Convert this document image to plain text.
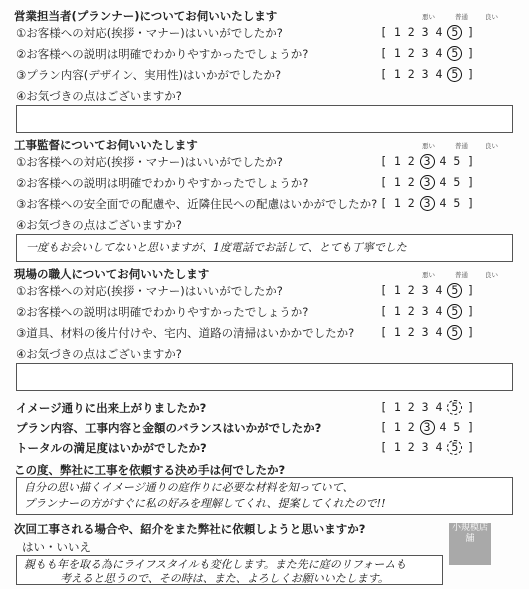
営業担当者(プランナー)についてお伺いいたします	悪い	普通	良い
①お客様への対応(挨拶・マナー)はいいがでしたか?	[ 1 2 3 4 5 ]
②お客様への説明は明確でわかりやすかったでしょうか?	[ 1 2 3 4 5 ]
③プラン内容(デザイン、実用性)はいかがでしたか?	[ 1 2 3 4 5 ]
④お気づきの点はございますか?
工事監督についてお伺いいたします	悪い	普通	良い
①お客様への対応(挨拶・マナー)はいいがでしたか?	[ 1 2 3 4 5 ]
②お客様への説明は明確でわかりやすかったでしょうか?	[ 1 2 3 4 5 ]
③お客様への安全面での配慮や、近隣住民への配慮はいかがでしたか? [ 1 2 3 4 5 ]
④お気づきの点はございますか?
一度もお会いしてないと思いますが、1度電話でお話して、とても丁寧でした
現場の職人についてお伺いいたします	悪い	普通	良い
①お客様への対応(挨拶・マナー)はいいがでしたか?	[ 1 2 3 4 5 ]
②お客様への説明は明確でわかりやすかったでしょうか?	[ 1 2 3 4 5 ]
③道具、材料の後片付けや、宅内、道路の清掃はいかかでしたか? [ 1 2 3 4 5 ]
④お気づきの点はございますか?
イメージ通りに出来上がりましたか?	[ 1 2 3 4 5 ]
プラン内容、工事内容と金額のバランスはいかがでしたか?	[ 1 2 3 4 5 ]
トータルの満足度はいかがでしたか?	[ 1 2 3 4 5 ]
この度、弊社に工事を依頼する決め手は何でしたか?
自分の思い描くイメージ通りの庭作りに必要な材料を知っていて、
プランナーの方がすぐに私の好みを理解してくれ、提案してくれたので!!
次回工事される場合や、紹介をまた弊社に依頼しようと思いますか?
はい・いいえ
親もも年を取る為にライフスタイルも変化します。また先に庭のリフォームも
考えると思うので、その時は、また、よろしくお願いいたします。
小規模店舗
